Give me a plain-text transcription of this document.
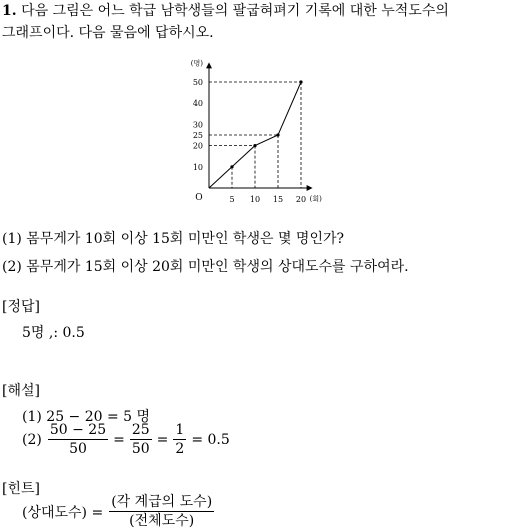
1. 다음 그림은 어느 학급 남학생들의 팔굽혀펴기 기록에 대한 누적도수의
그래프이다. 다음 물음에 답하시오.
5 10 15 20
10
20
25
30
40
50
O
(명)
(회)
(1) 몸무게가 10회 이상 15회 미만인 학생은 몇 명인가?
(2) 몸무게가 15회 이상 20회 미만인 학생의 상대도수를 구하여라.
[정답]
5명 ,: 0.5
[해설]
(1) 25 − 20 = 5 명
$(2) \frac{50 - 25}{50} = \frac{25}{50} = \frac{1}{2} = 0.5$
[힌트]
(상대도수) = $\frac{\text{(각 계급의 도수)}}{\text{(전체도수)}}$
